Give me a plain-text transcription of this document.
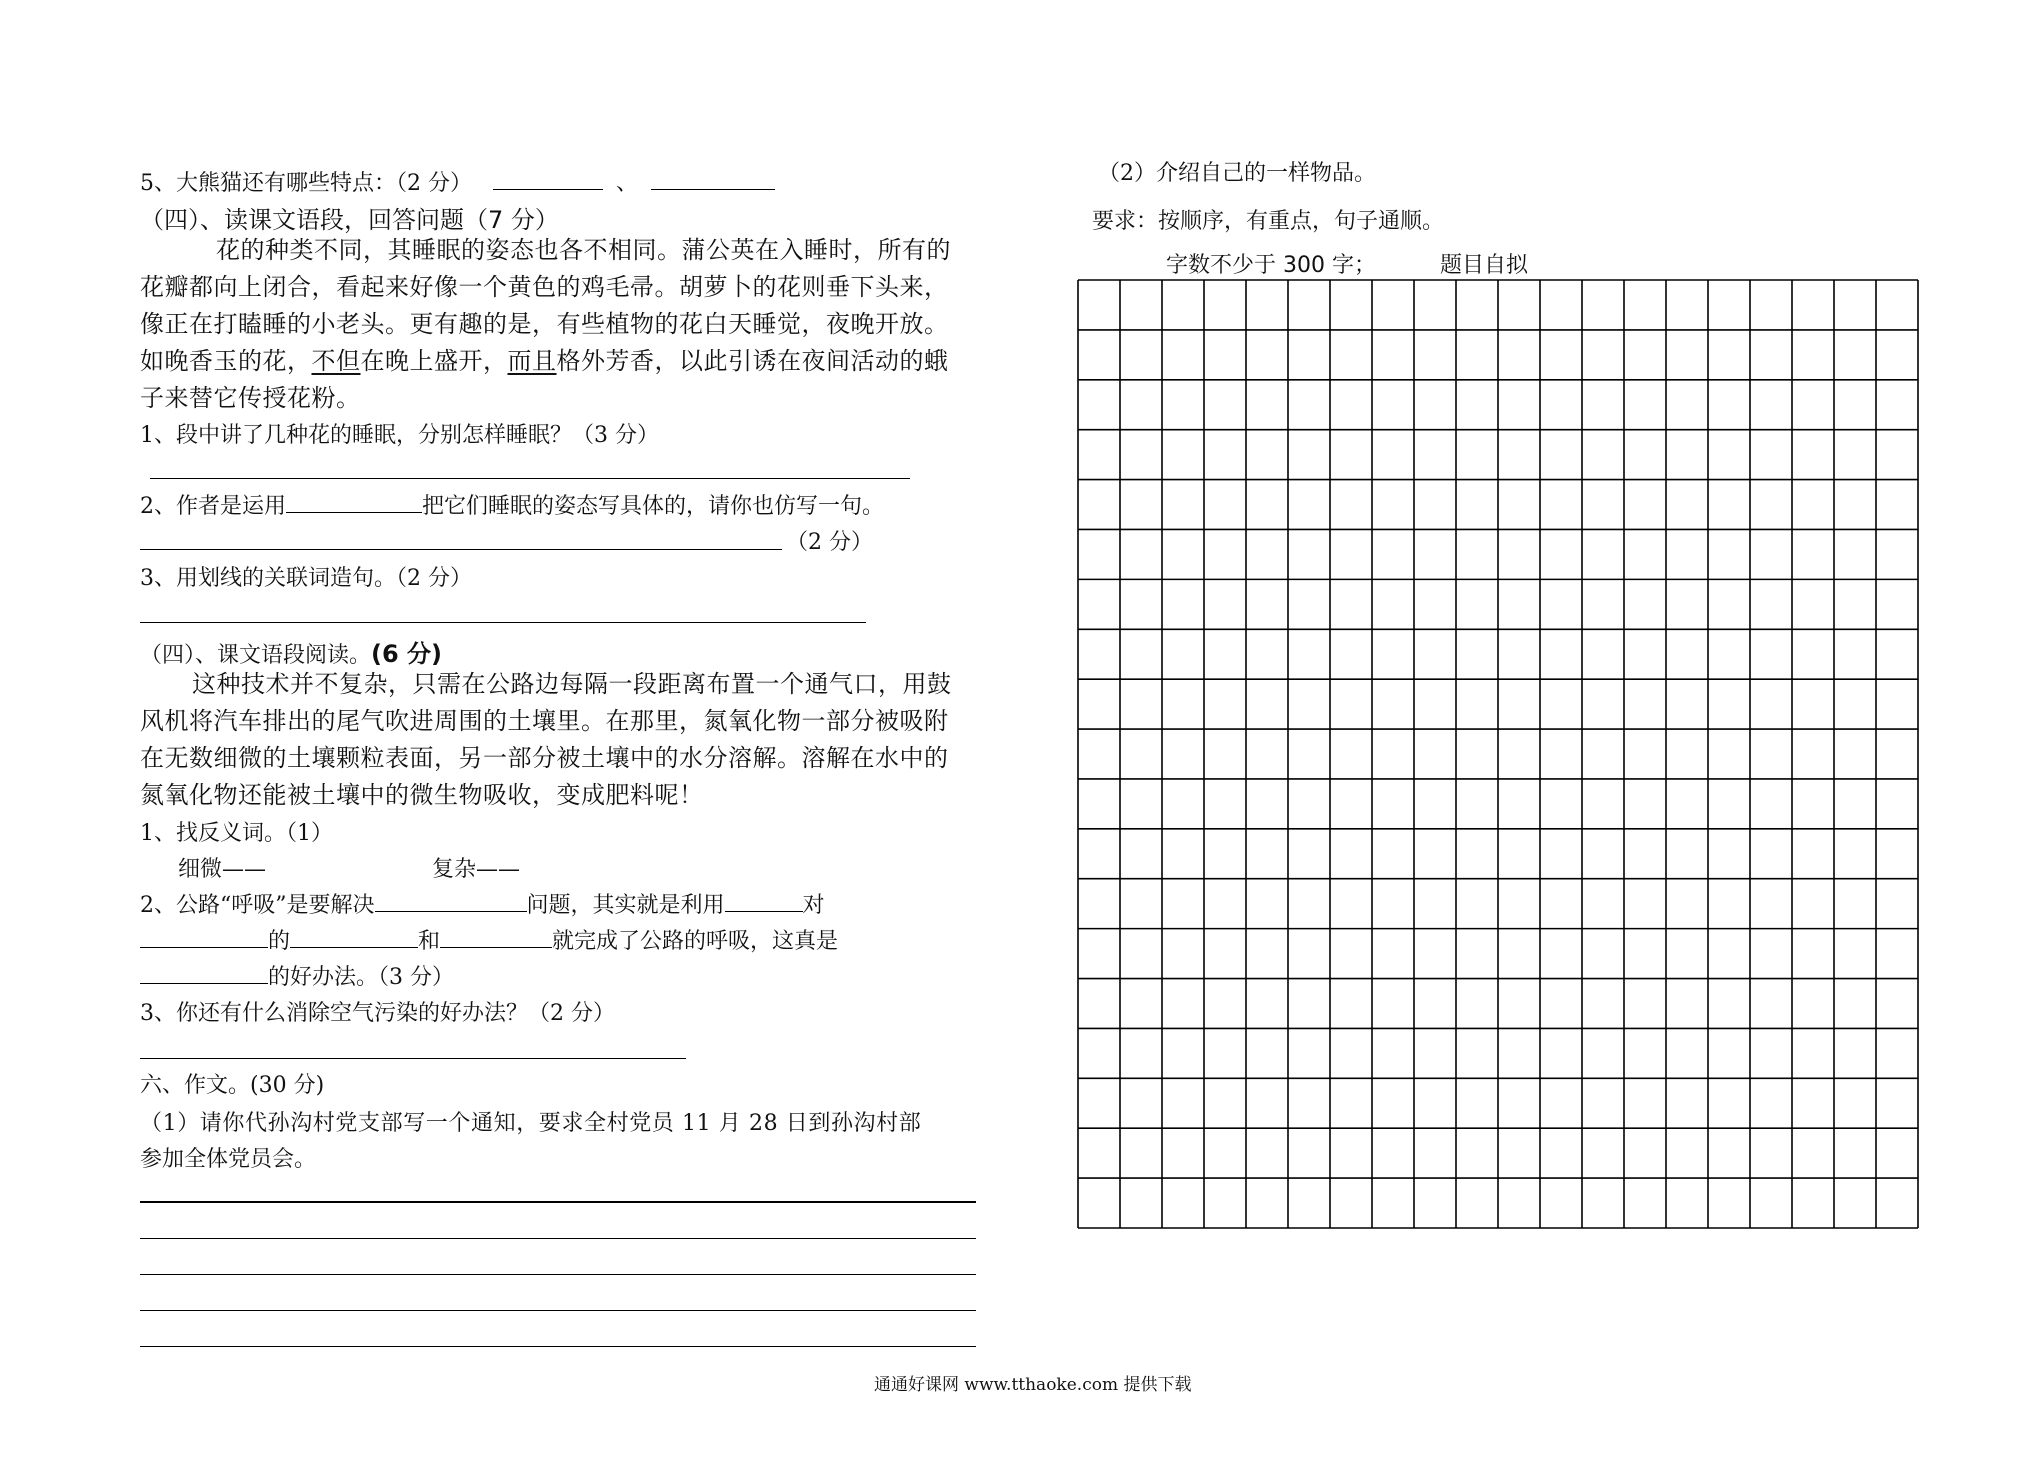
5、大熊猫还有哪些特点：（2 分）	、
（四）、读课文语段，回答问题（7 分）
花的种类不同，其睡眠的姿态也各不相同。蒲公英在入睡时，所有的
花瓣都向上闭合，看起来好像一个黄色的鸡毛帚。胡萝卜的花则垂下头来，
像正在打瞌睡的小老头。更有趣的是，有些植物的花白天睡觉，夜晚开放。
如晚香玉的花，不但在晚上盛开，而且格外芳香，以此引诱在夜间活动的蛾
子来替它传授花粉。
1、段中讲了几种花的睡眠，分别怎样睡眠？（3 分）
2、作者是运用	把它们睡眠的姿态写具体的，请你也仿写一句。
（2 分）
3、用划线的关联词造句。（2 分）
（四）、课文语段阅读。(6 分)
这种技术并不复杂，只需在公路边每隔一段距离布置一个通气口，用鼓
风机将汽车排出的尾气吹进周围的土壤里。在那里，氮氧化物一部分被吸附
在无数细微的土壤颗粒表面，另一部分被土壤中的水分溶解。溶解在水中的
氮氧化物还能被土壤中的微生物吸收，变成肥料呢！
1、找反义词。（1）
细微——	复杂——
2、公路“呼吸”是要解决	问题，其实就是利用	对
的	和	就完成了公路的呼吸，这真是
的好办法。（3 分）
3、你还有什么消除空气污染的好办法？（2 分）
六、作文。(30 分)
（1）请你代孙沟村党支部写一个通知，要求全村党员 11 月 28 日到孙沟村部
参加全体党员会。
（2）介绍自己的一样物品。
要求：按顺序，有重点，句子通顺。
字数不少于 300 字；	题目自拟
通通好课网 www.tthaoke.com 提供下载
